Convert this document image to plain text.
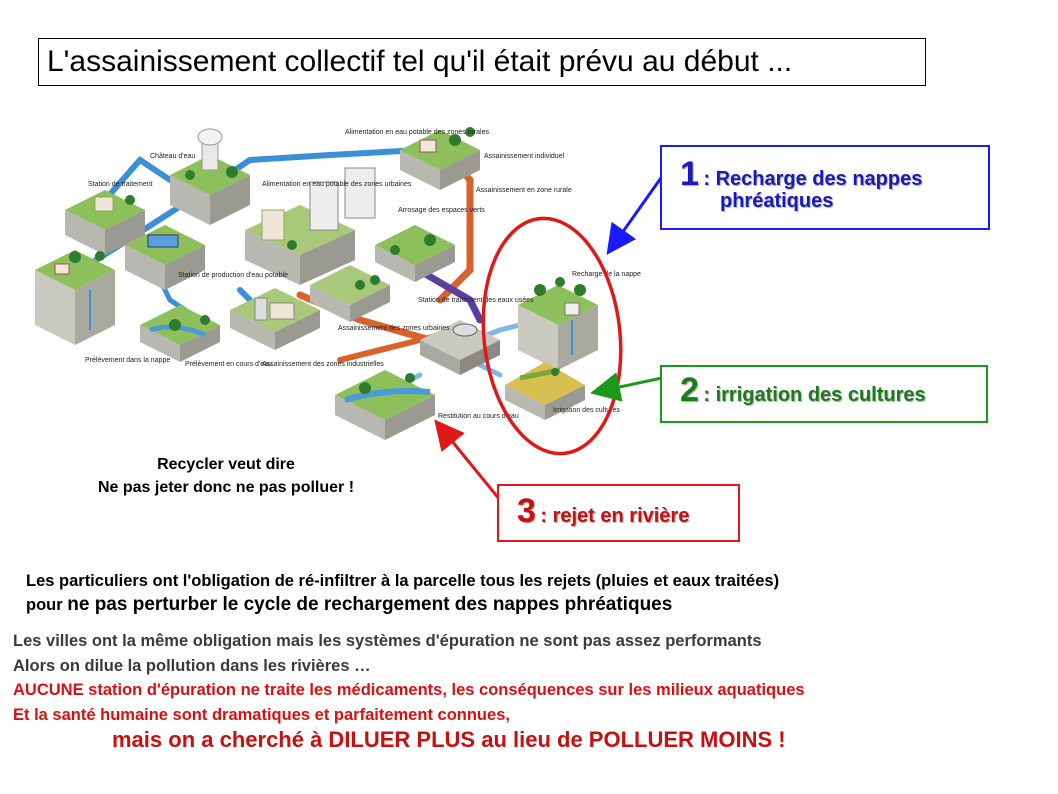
L'assainissement collectif tel qu'il était prévu au début ...
Château d'eau
Station de traitement
Station de production d'eau potable
Prélèvement dans la nappe
Prélèvement en cours d'eau
Assainissement des zones industrielles
Alimentation en eau potable des zones urbaines
Alimentation en eau potable des zones rurales
Assainissement individuel
Assainissement en zone rurale
Arrosage des espaces verts
Station de traitement des eaux usées
Assainissement des zones urbaines
Restitution au cours d'eau
Recharge de la nappe
Irrigation des cultures
1 : Recharge des nappes
phréatiques
2 : irrigation des cultures
3 : rejet en rivière
Recycler veut dire
Ne pas jeter donc ne pas polluer !
Les particuliers ont l'obligation de ré-infiltrer à la parcelle tous les rejets (pluies et eaux traitées)
pour ne pas perturber le cycle de rechargement des nappes phréatiques
Les villes ont la même obligation mais les systèmes d'épuration ne sont pas assez performants
Alors on dilue la pollution dans les rivières …
AUCUNE station d'épuration ne traite les médicaments, les conséquences sur les milieux aquatiques
Et la santé humaine sont dramatiques et parfaitement connues,
mais on a cherché à DILUER PLUS au lieu de POLLUER MOINS !
